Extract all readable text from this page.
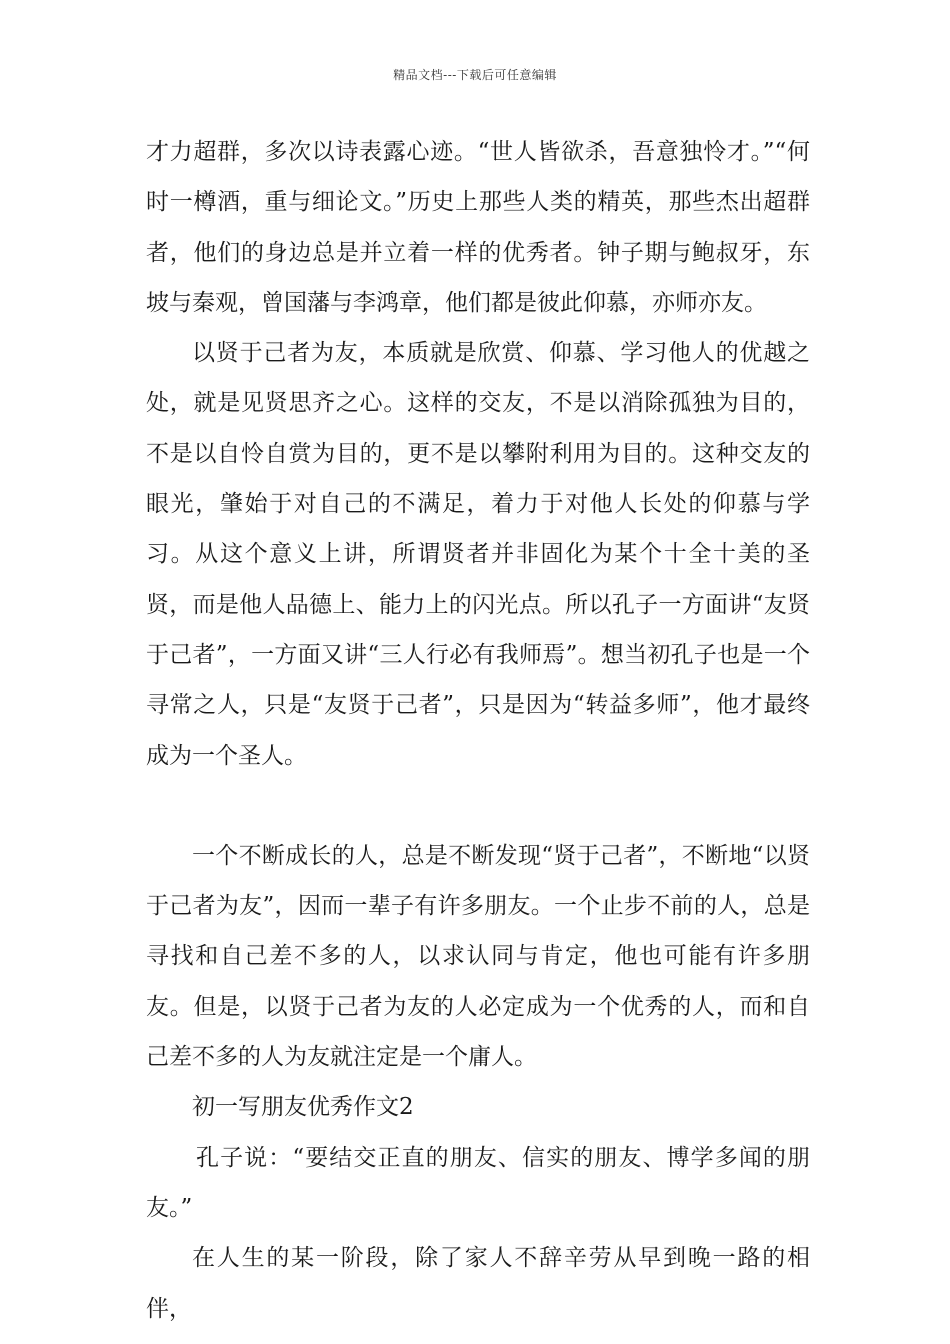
精品文档---下载后可任意编辑

才力超群，多次以诗表露心迹。“世人皆欲杀，吾意独怜才。”“何时一樽酒，重与细论文。”历史上那些人类的精英，那些杰出超群者，他们的身边总是并立着一样的优秀者。钟子期与鲍叔牙，东坡与秦观，曾国藩与李鸿章，他们都是彼此仰慕，亦师亦友。

以贤于己者为友，本质就是欣赏、仰慕、学习他人的优越之处，就是见贤思齐之心。这样的交友，不是以消除孤独为目的，不是以自怜自赏为目的，更不是以攀附利用为目的。这种交友的眼光，肇始于对自己的不满足，着力于对他人长处的仰慕与学习。从这个意义上讲，所谓贤者并非固化为某个十全十美的圣贤，而是他人品德上、能力上的闪光点。所以孔子一方面讲“友贤于己者”，一方面又讲“三人行必有我师焉”。想当初孔子也是一个寻常之人，只是“友贤于己者”，只是因为“转益多师”，他才最终成为一个圣人。

一个不断成长的人，总是不断发现“贤于己者”，不断地“以贤于己者为友”，因而一辈子有许多朋友。一个止步不前的人，总是寻找和自己差不多的人，以求认同与肯定，他也可能有许多朋友。但是，以贤于己者为友的人必定成为一个优秀的人，而和自己差不多的人为友就注定是一个庸人。

初一写朋友优秀作文2

孔子说：“要结交正直的朋友、信实的朋友、博学多闻的朋友。”

在人生的某一阶段，除了家人不辞辛劳从早到晚一路的相伴，
